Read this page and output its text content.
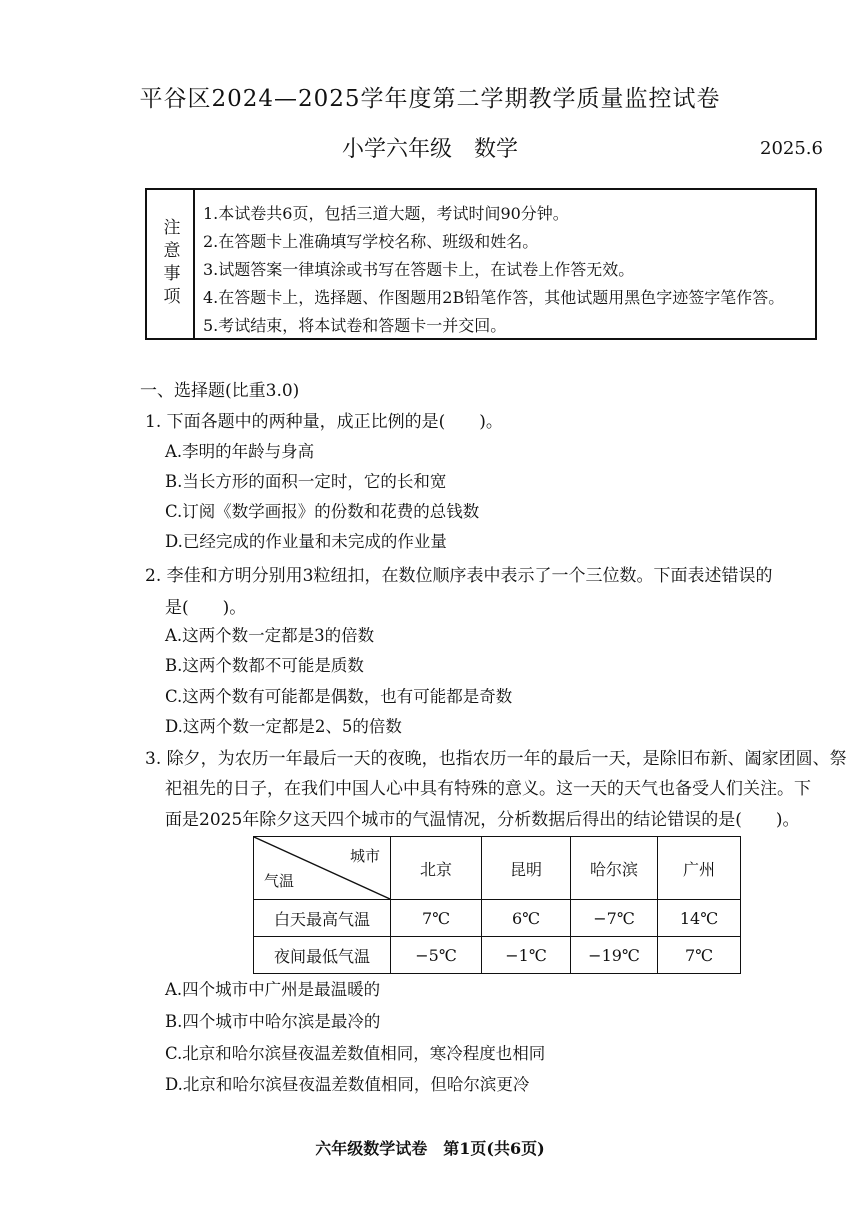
平谷区2024—2025学年度第二学期教学质量监控试卷
小学六年级　数学	2025.6
注意事项
1.本试卷共6页，包括三道大题，考试时间90分钟。
2.在答题卡上准确填写学校名称、班级和姓名。
3.试题答案一律填涂或书写在答题卡上，在试卷上作答无效。
4.在答题卡上，选择题、作图题用2B铅笔作答，其他试题用黑色字迹签字笔作答。
5.考试结束，将本试卷和答题卡一并交回。
一、选择题(比重3.0)
1. 下面各题中的两种量，成正比例的是(　　)。
A.李明的年龄与身高
B.当长方形的面积一定时，它的长和宽
C.订阅《数学画报》的份数和花费的总钱数
D.已经完成的作业量和未完成的作业量
2. 李佳和方明分别用3粒纽扣，在数位顺序表中表示了一个三位数。下面表述错误的
是(　　)。
A.这两个数一定都是3的倍数
B.这两个数都不可能是质数
C.这两个数有可能都是偶数，也有可能都是奇数
D.这两个数一定都是2、5的倍数
3. 除夕，为农历一年最后一天的夜晚，也指农历一年的最后一天，是除旧布新、阖家团圆、祭
祀祖先的日子，在我们中国人心中具有特殊的意义。这一天的天气也备受人们关注。下
面是2025年除夕这天四个城市的气温情况，分析数据后得出的结论错误的是(　　)。
城市
气温	北京	昆明	哈尔滨	广州
白天最高气温	7℃	6℃	−7℃	14℃
夜间最低气温	−5℃	−1℃	−19℃	7℃
A.四个城市中广州是最温暖的
B.四个城市中哈尔滨是最冷的
C.北京和哈尔滨昼夜温差数值相同，寒冷程度也相同
D.北京和哈尔滨昼夜温差数值相同，但哈尔滨更冷
六年级数学试卷　第1页(共6页)
